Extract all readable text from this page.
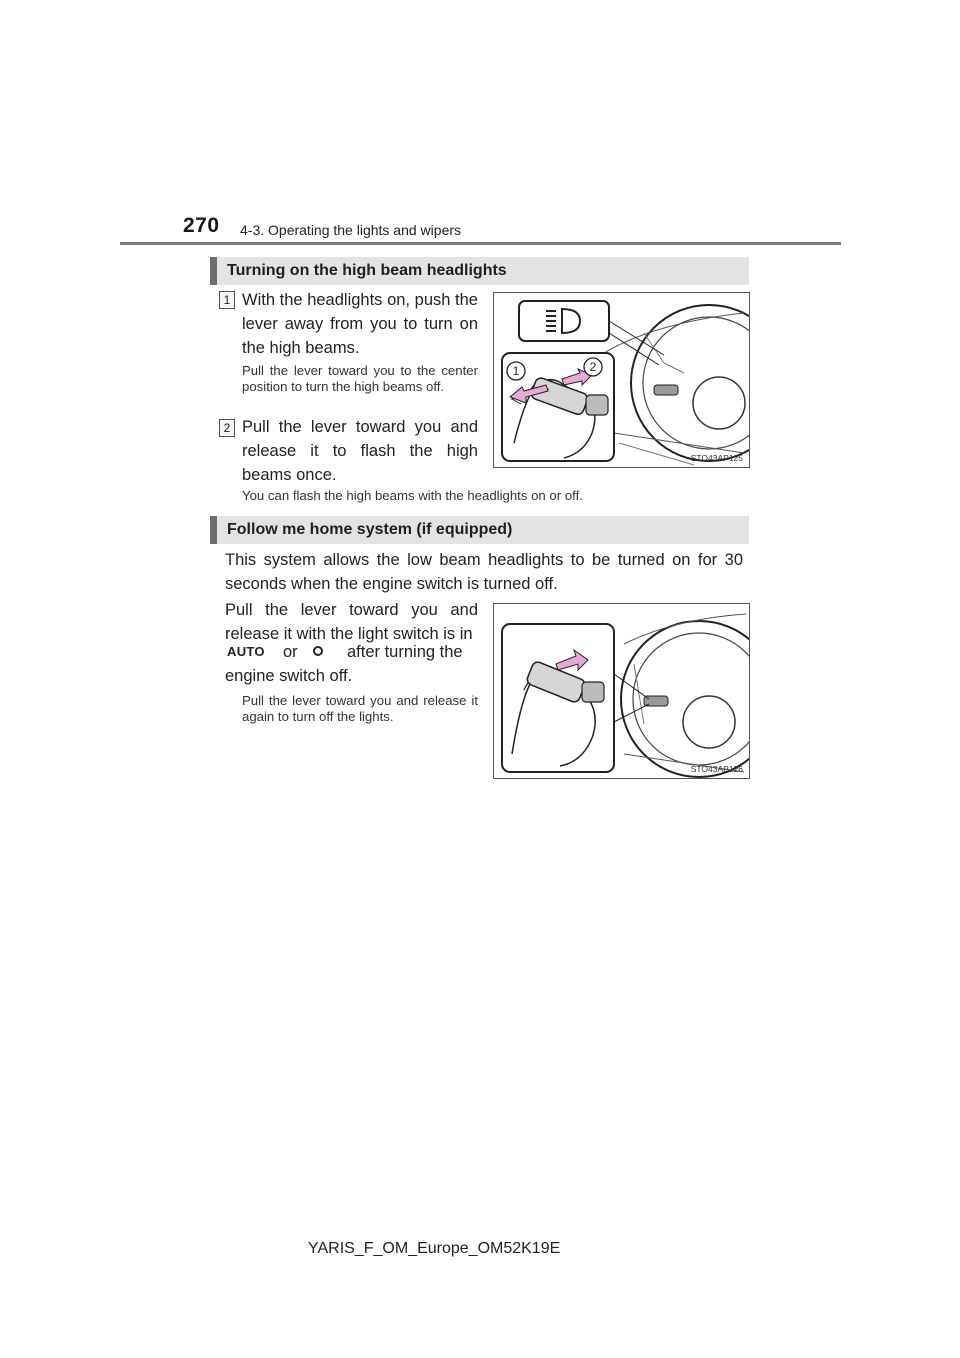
270 4-3. Operating the lights and wipers
Turning on the high beam headlights
1 With the headlights on, push the lever away from you to turn on the high beams.
Pull the lever toward you to the center position to turn the high beams off.
2 Pull the lever toward you and release it to flash the high beams once.
You can flash the high beams with the headlights on or off.
1	2
STO43AP125
Follow me home system (if equipped)
This system allows the low beam headlights to be turned on for 30 seconds when the engine switch is turned off.
Pull the lever toward you and release it with the light switch is in
AUTO or	after turning the
engine switch off.
Pull the lever toward you and release it again to turn off the lights.
STO43AP126
YARIS_F_OM_Europe_OM52K19E
